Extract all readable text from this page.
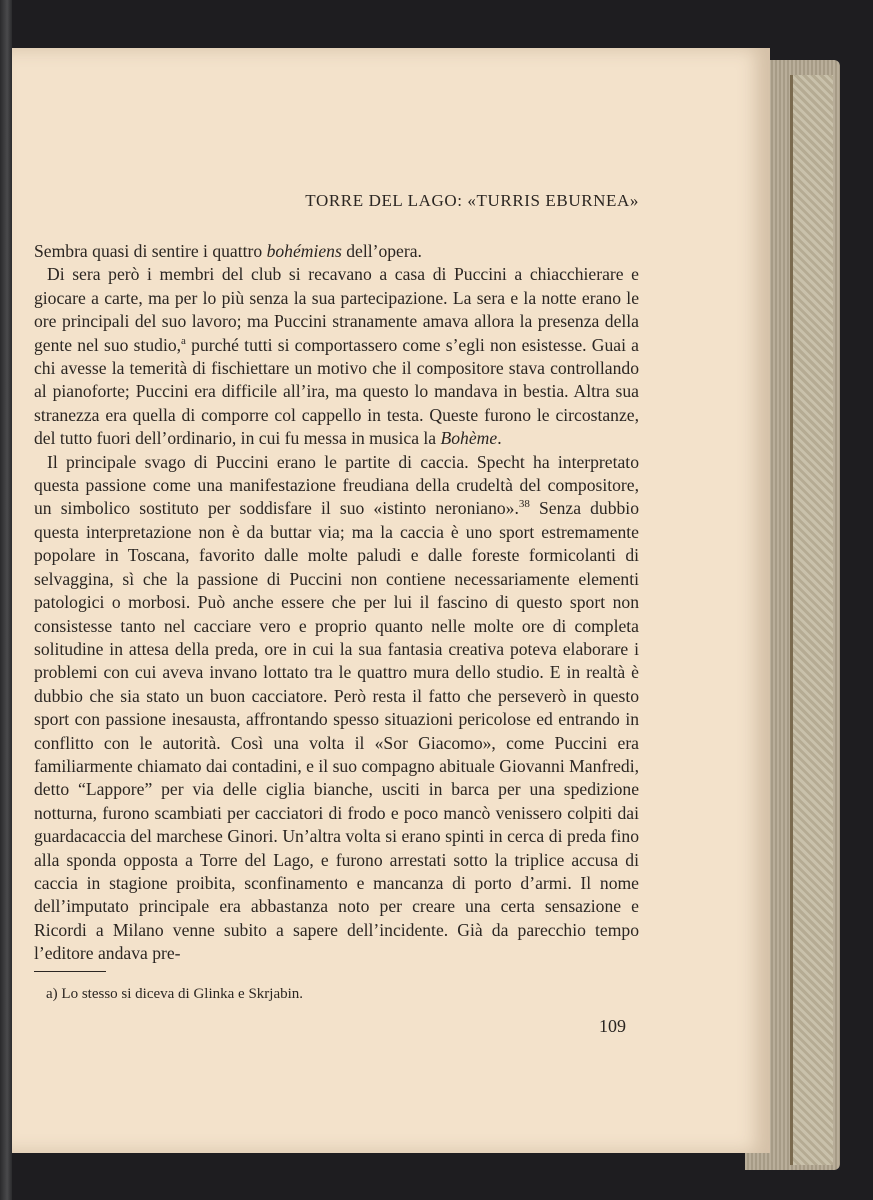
TORRE DEL LAGO: «TURRIS EBURNEA»

Sembra quasi di sentire i quattro bohémiens dell’opera.

Di sera però i membri del club si recavano a casa di Puccini a chiacchierare e giocare a carte, ma per lo più senza la sua partecipazione. La sera e la notte erano le ore principali del suo lavoro; ma Puccini stranamente amava allora la presenza della gente nel suo studio,$^a$ purché tutti si comportassero come s’egli non esistesse. Guai a chi avesse la temerità di fischiettare un motivo che il compositore stava controllando al pianoforte; Puccini era difficile all’ira, ma questo lo mandava in bestia. Altra sua stranezza era quella di comporre col cappello in testa. Queste furono le circostanze, del tutto fuori dell’ordinario, in cui fu messa in musica la Bohème.

Il principale svago di Puccini erano le partite di caccia. Specht ha interpretato questa passione come una manifestazione freudiana della crudeltà del compositore, un simbolico sostituto per soddisfare il suo «istinto neroniano».$^{38}$ Senza dubbio questa interpretazione non è da buttar via; ma la caccia è uno sport estremamente popolare in Toscana, favorito dalle molte paludi e dalle foreste formicolanti di selvaggina, sì che la passione di Puccini non contiene necessariamente elementi patologici o morbosi. Può anche essere che per lui il fascino di questo sport non consistesse tanto nel cacciare vero e proprio quanto nelle molte ore di completa solitudine in attesa della preda, ore in cui la sua fantasia creativa poteva elaborare i problemi con cui aveva invano lottato tra le quattro mura dello studio. E in realtà è dubbio che sia stato un buon cacciatore. Però resta il fatto che perseverò in questo sport con passione inesausta, affrontando spesso situazioni pericolose ed entrando in conflitto con le autorità. Così una volta il «Sor Giacomo», come Puccini era familiarmente chiamato dai contadini, e il suo compagno abituale Giovanni Manfredi, detto “Lappore” per via delle ciglia bianche, usciti in barca per una spedizione notturna, furono scambiati per cacciatori di frodo e poco mancò venissero colpiti dai guardacaccia del marchese Ginori. Un’altra volta si erano spinti in cerca di preda fino alla sponda opposta a Torre del Lago, e furono arrestati sotto la triplice accusa di caccia in stagione proibita, sconfinamento e mancanza di porto d’armi. Il nome dell’imputato principale era abbastanza noto per creare una certa sensazione e Ricordi a Milano venne subito a sapere dell’incidente. Già da parecchio tempo l’editore andava pre-

a) Lo stesso si diceva di Glinka e Skrjabin.
109
